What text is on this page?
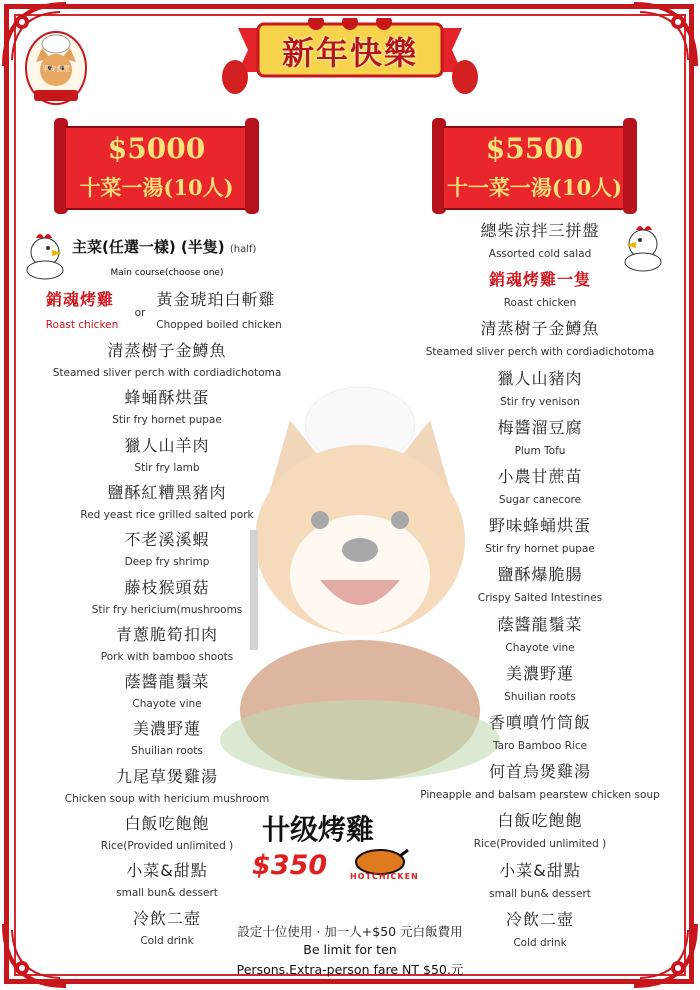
平安食堂	新年快樂
$5000
十菜一湯(10人)
$5500
十一菜一湯(10人)
主菜(任選一樣) (半隻) (half)
Main course(choose one)
銷魂烤雞	黃金琥珀白斬雞
or
Roast chicken	Chopped boiled chicken
清蒸樹子金鱒魚
Steamed sliver perch with cordiadichotoma
蜂蛹酥烘蛋
Stir fry hornet pupae
獵人山羊肉
Stir fry lamb
鹽酥紅糟黑豬肉
Red yeast rice grilled salted pork
不老溪溪蝦
Deep fry shrimp
藤枝猴頭菇
Stir fry hericium(mushrooms
青蔥脆筍扣肉
Pork with bamboo shoots
蔭醬龍鬚菜
Chayote vine
美濃野蓮
Shuilian roots
九尾草煲雞湯
Chicken soup with hericium mushroom
白飯吃飽飽
Rice(Provided unlimited )
小菜&甜點
small bun& dessert
冷飲二壺
Cold drink
總柴涼拌三拼盤
Assorted cold salad
銷魂烤雞一隻
Roast chicken
清蒸樹子金鱒魚
Steamed sliver perch with cordiadichotoma
獵人山豬肉
Stir fry venison
梅醬溜豆腐
Plum Tofu
小農甘蔗苗
Sugar canecore
野味蜂蛹烘蛋
Stir fry hornet pupae
鹽酥爆脆腸
Crispy Salted Intestines
蔭醬龍鬚菜
Chayote vine
美濃野蓮
Shuilian roots
香噴噴竹筒飯
Taro Bamboo Rice
何首烏煲雞湯
Pineapple and balsam pearstew chicken soup
白飯吃飽飽
Rice(Provided unlimited )
小菜&甜點
small bun& dessert
冷飲二壺
Cold drink
卄级烤雞
$350	HOTCHICKEN
設定十位使用 · 加一人+$50 元白飯費用
Be limit for ten
Persons.Extra-person fare NT $50.元
